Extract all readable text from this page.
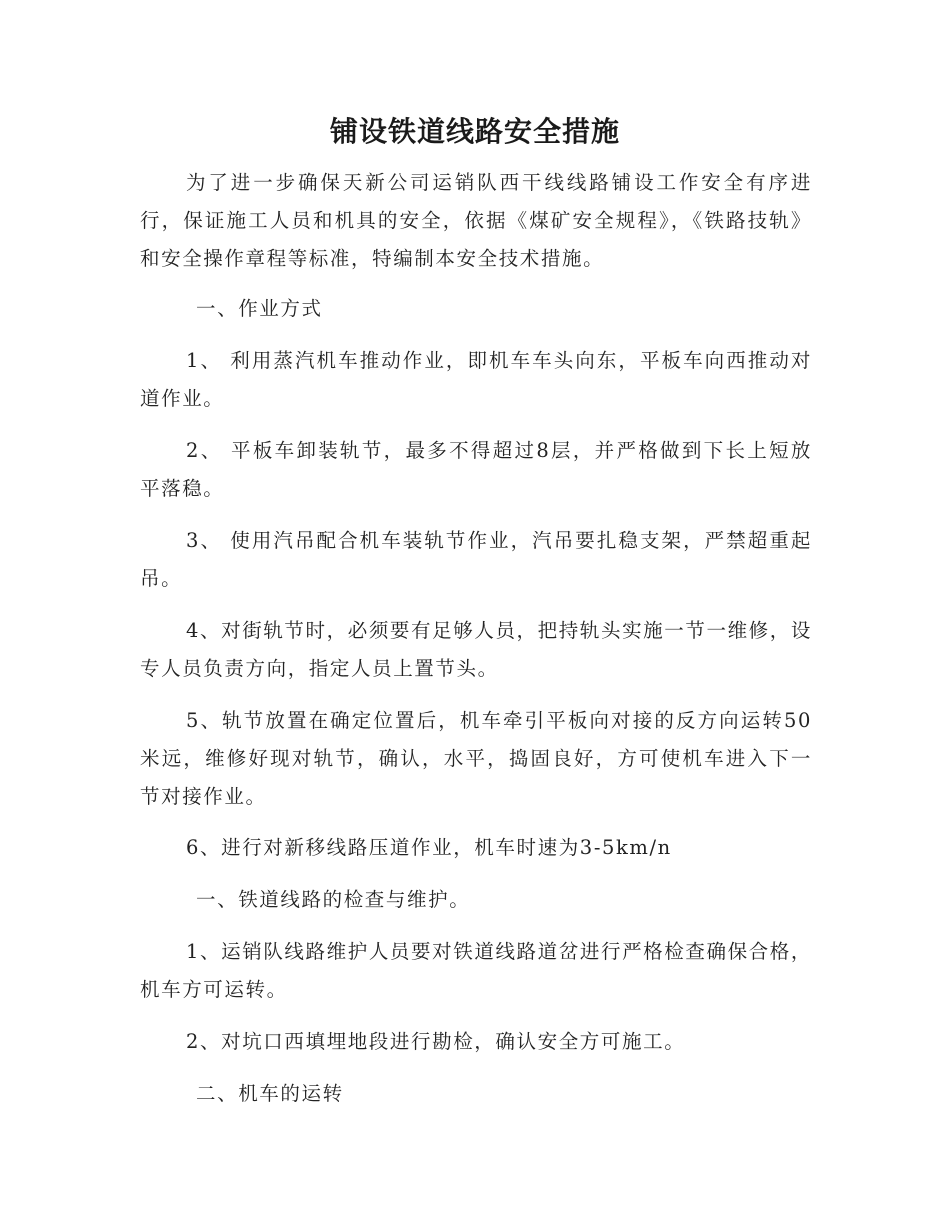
铺设铁道线路安全措施

为了进一步确保天新公司运销队西干线线路铺设工作安全有序进行，保证施工人员和机具的安全，依据《煤矿安全规程》，《铁路技轨》和安全操作章程等标准，特编制本安全技术措施。

一、作业方式

1、 利用蒸汽机车推动作业，即机车车头向东，平板车向西推动对道作业。

2、 平板车卸装轨节，最多不得超过8层，并严格做到下长上短放平落稳。

3、 使用汽吊配合机车装轨节作业，汽吊要扎稳支架，严禁超重起吊。

4、对街轨节时，必须要有足够人员，把持轨头实施一节一维修，设专人员负责方向，指定人员上置节头。

5、轨节放置在确定位置后，机车牵引平板向对接的反方向运转50米远，维修好现对轨节，确认，水平，捣固良好，方可使机车进入下一节对接作业。

6、进行对新移线路压道作业，机车时速为3-5km/n

一、铁道线路的检查与维护。

1、运销队线路维护人员要对铁道线路道岔进行严格检查确保合格，机车方可运转。

2、对坑口西填埋地段进行勘检，确认安全方可施工。

二、机车的运转
